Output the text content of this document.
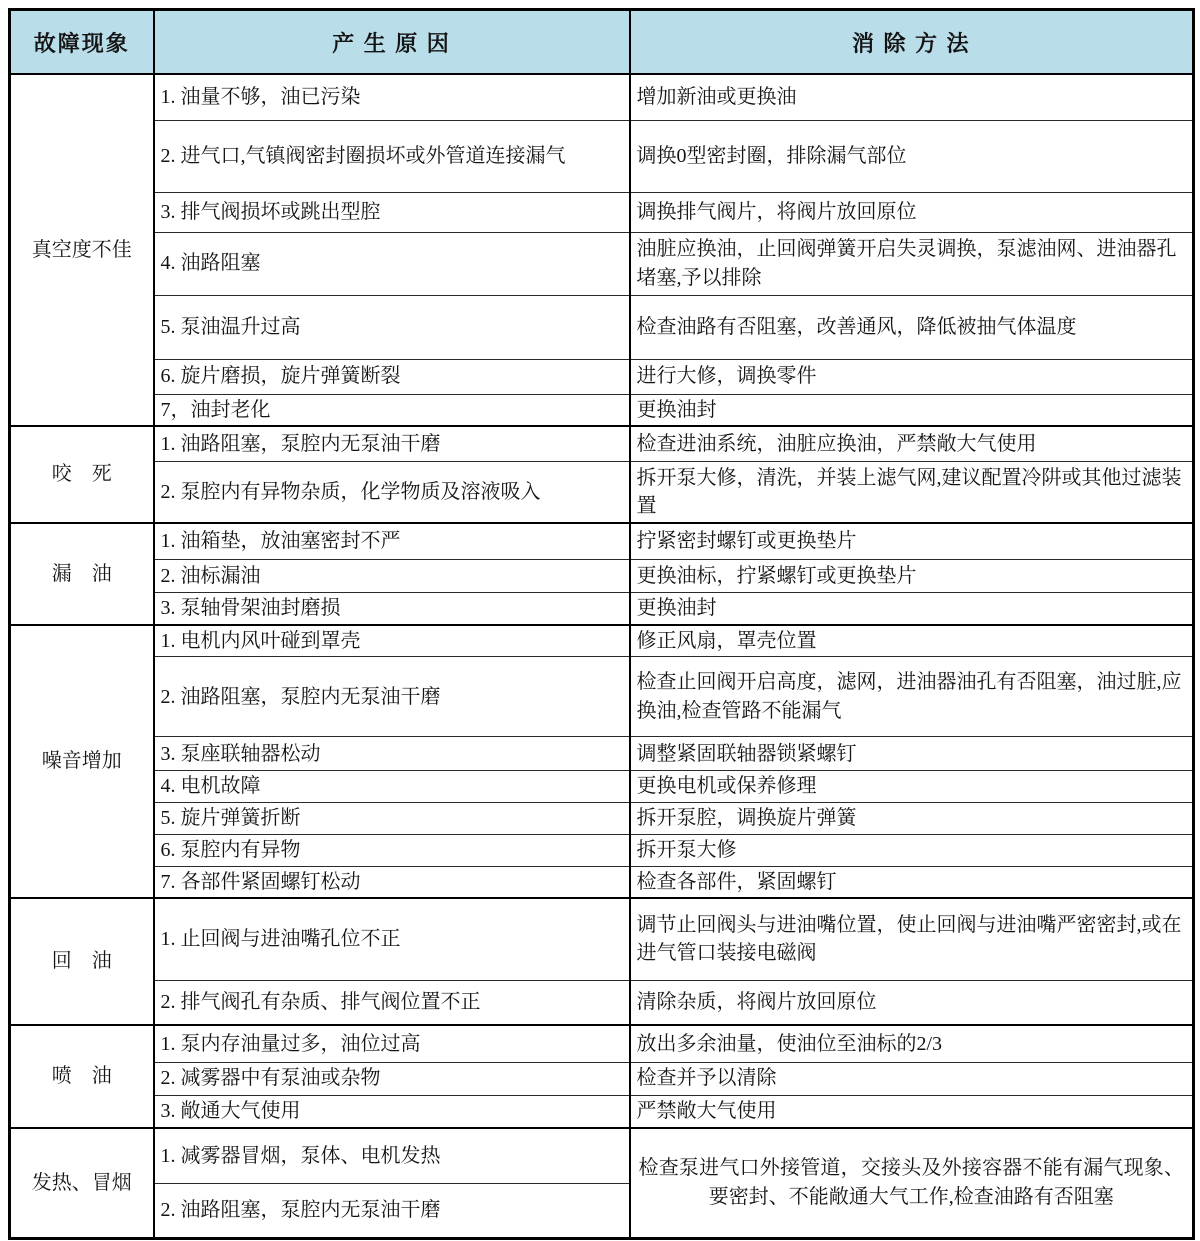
故障现象	产 生 原 因	消 除 方 法
真空度不佳	1. 油量不够，油已污染	增加新油或更换油
	2. 进气口,气镇阀密封圈损坏或外管道连接漏气	调换0型密封圈，排除漏气部位
	3. 排气阀损坏或跳出型腔	调换排气阀片，将阀片放回原位
	4. 油路阻塞	油脏应换油，止回阀弹簧开启失灵调换，泵滤油网、进油器孔堵塞,予以排除
	5. 泵油温升过高	检查油路有否阻塞，改善通风，降低被抽气体温度
	6. 旋片磨损，旋片弹簧断裂	进行大修，调换零件
	7，油封老化	更换油封
咬　死	1. 油路阻塞，泵腔内无泵油干磨	检查进油系统，油脏应换油，严禁敞大气使用
	2. 泵腔内有异物杂质，化学物质及溶液吸入	拆开泵大修，清洗，并装上滤气网,建议配置冷阱或其他过滤装置
漏　油	1. 油箱垫，放油塞密封不严	拧紧密封螺钉或更换垫片
	2. 油标漏油	更换油标，拧紧螺钉或更换垫片
	3. 泵轴骨架油封磨损	更换油封
噪音增加	1. 电机内风叶碰到罩壳	修正风扇，罩壳位置
	2. 油路阻塞，泵腔内无泵油干磨	检查止回阀开启高度，滤网，进油器油孔有否阻塞，油过脏,应换油,检查管路不能漏气
	3. 泵座联轴器松动	调整紧固联轴器锁紧螺钉
	4. 电机故障	更换电机或保养修理
	5. 旋片弹簧折断	拆开泵腔，调换旋片弹簧
	6. 泵腔内有异物	拆开泵大修
	7. 各部件紧固螺钉松动	检查各部件，紧固螺钉
回　油	1. 止回阀与进油嘴孔位不正	调节止回阀头与进油嘴位置，使止回阀与进油嘴严密密封,或在进气管口装接电磁阀
	2. 排气阀孔有杂质、排气阀位置不正	清除杂质，将阀片放回原位
喷　油	1. 泵内存油量过多，油位过高	放出多余油量，使油位至油标的2/3
	2. 减雾器中有泵油或杂物	检查并予以清除
	3. 敞通大气使用	严禁敞大气使用
发热、冒烟	1. 减雾器冒烟，泵体、电机发热	检查泵进气口外接管道，交接头及外接容器不能有漏气现象、要密封、不能敞通大气工作,检查油路有否阻塞
	2. 油路阻塞，泵腔内无泵油干磨	
